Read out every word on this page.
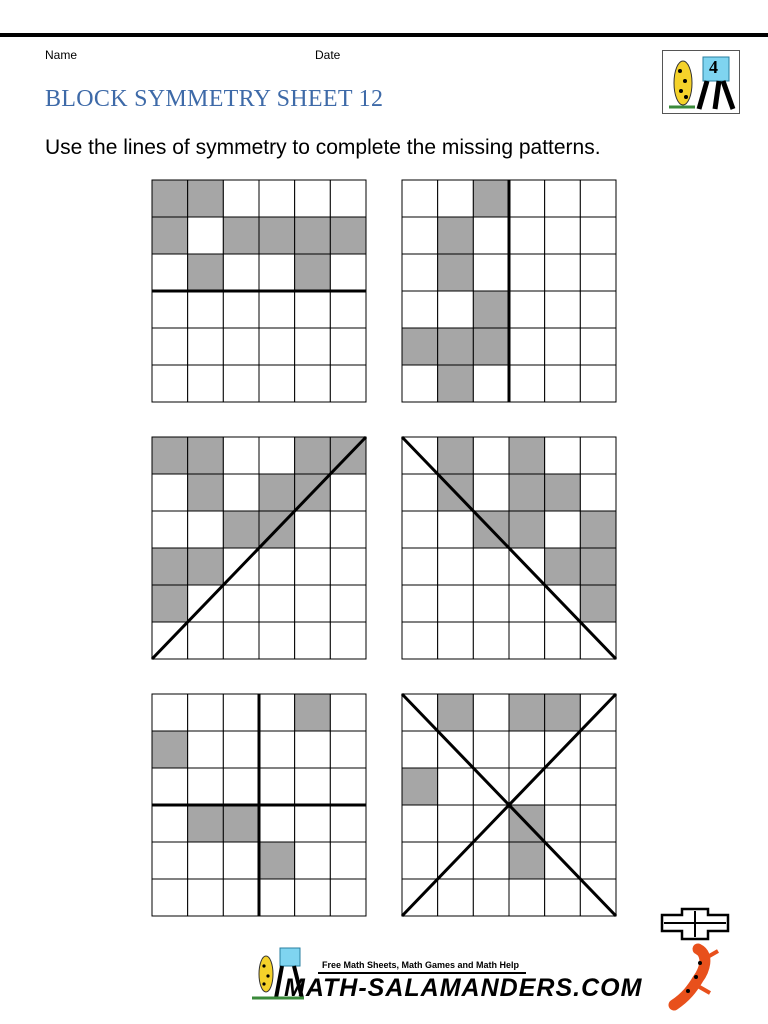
Name	Date
BLOCK SYMMETRY SHEET 12
4
Use the lines of symmetry to complete the missing patterns.
Free Math Sheets, Math Games and Math Help
MATH-SALAMANDERS.COM
